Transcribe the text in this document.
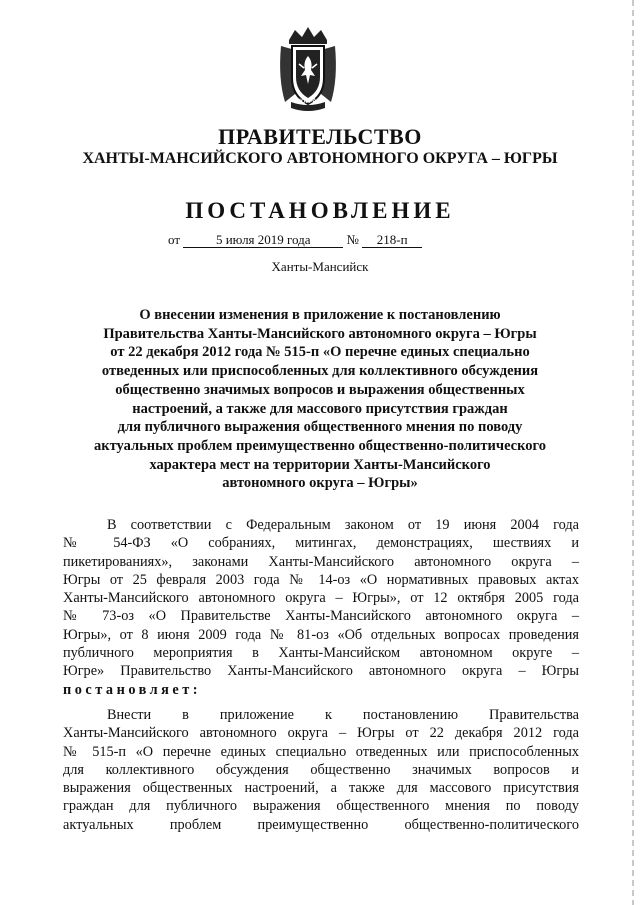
ЮГРА
ПРАВИТЕЛЬСТВО
ХАНТЫ-МАНСИЙСКОГО АВТОНОМНОГО ОКРУГА – ЮГРЫ
ПОСТАНОВЛЕНИЕ
от	5 июля 2019 года	№ 218-п
Ханты-Мансийск
О внесении изменения в приложение к постановлению
Правительства Ханты-Мансийского автономного округа – Югры
от 22 декабря 2012 года № 515-п «О перечне единых специально
отведенных или приспособленных для коллективного обсуждения
общественно значимых вопросов и выражения общественных
настроений, а также для массового присутствия граждан
для публичного выражения общественного мнения по поводу
актуальных проблем преимущественно общественно-политического
характера мест на территории Ханты-Мансийского
автономного округа – Югры»
В соответствии с Федеральным законом от 19 июня 2004 года
№ 54-ФЗ «О собраниях, митингах, демонстрациях, шествиях и
пикетированиях», законами Ханты-Мансийского автономного округа –
Югры от 25 февраля 2003 года № 14-оз «О нормативных правовых актах
Ханты-Мансийского автономного округа – Югры», от 12 октября 2005 года
№ 73-оз «О Правительстве Ханты-Мансийского автономного округа –
Югры», от 8 июня 2009 года № 81-оз «Об отдельных вопросах проведения
публичного мероприятия в Ханты-Мансийском автономном округе –
Югре» Правительство Ханты-Мансийского автономного округа – Югры
постановляет:
Внести в приложение к постановлению Правительства
Ханты-Мансийского автономного округа – Югры от 22 декабря 2012 года
№ 515-п «О перечне единых специально отведенных или приспособленных
для коллективного обсуждения общественно значимых вопросов и
выражения общественных настроений, а также для массового присутствия
граждан для публичного выражения общественного мнения по поводу
актуальных проблем преимущественно общественно-политического
